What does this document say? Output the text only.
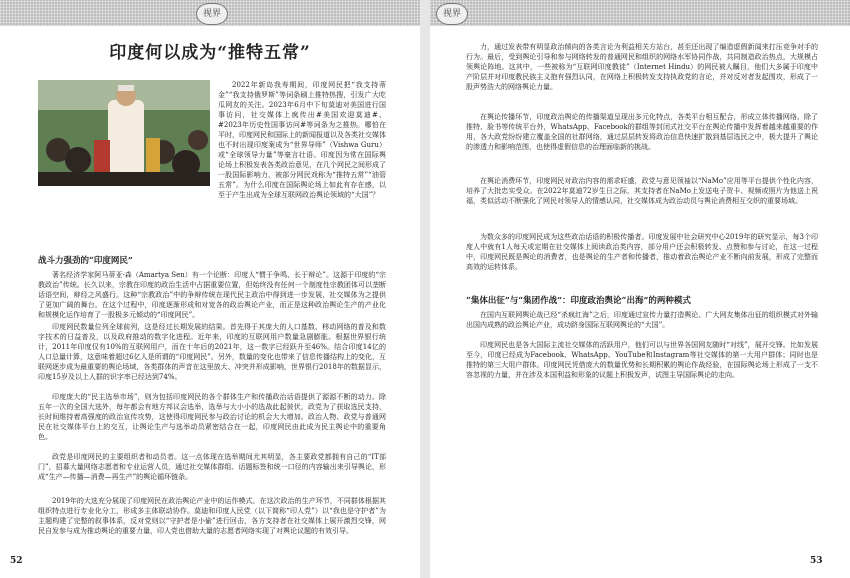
视界	视界
印度何以成为“推特五常”

2022年新岛我寿期间，印度网民把“我支持蒂金”“我支持俄罗斯”等词条刷上推特热搜，引发广大吃瓜网友的关注。2023年6月中下旬莫迪对美国进行国事访问，社交媒体上疯传出#美国欢迎莫迪#、#2023年历史性国事访问#等词条为之推热。哪怕在平时，印度网民和国际上的新闻报道以及各类社交媒体也不时出现印度案成为“世界导师”（Vishwa Guru）或“全球领导力量”等豪言壮语。印度因为常在国际舆论场上积极发表各类政治意见，在几个网民之间形成了一股国际影响力，被部分网民戏称为“推特五常”“油管五常”。为什么印度在国际舆论场上如此有存在感，以至于产生出成为全球互联网政治舆论领域的“大国”？

战斗力强劲的“印度网民”

著名经济学家阿马蒂亚·森（Amartya Sen）有一个论断：印度人“惯于争鸣、长于辩论”。这源于印度的“宗教政治”传统。长久以来，宗教在印度的政治生活中占据重要位置，但始终没有任何一个制度性宗教团体可以垄断话语空间，辩经之风盛行。这种“宗教政治”中的争辩传统在现代民主政治中得到进一步发展，社交媒体为之提供了更加广阔的舞台。在这个过程中，印度逐渐形成和对宽各的政治舆论产业，而正是这种政治舆论生产的产业化和规模化运作培育了一股极多元倾动的“印度网民”。

印度网民数量位列全球前列，这是经过长期发展的结果。首先得于其庞大的人口基数、移动网络的普及和数字技术的日益普及，以及政府推动的数字化进程。近年来，印度的互联网用户数量急剧膨胀。根据世界银行统计，2011年印度仅有10%的互联网用户，而在十年后的2021年，这一数字已经跃升至46%。结合印度14亿的人口总量计算，这意味着超过6亿人是所谓的“印度网民”。另外，数量的变化也带来了信息传播结构上的变化，互联网逐步成为最重要的舆论场域，各类群体的声音在这里放大、冲突并形成影响，世界银行2018年的数据显示，印度15岁及以上人群的识字率已经达到74%。

印度庞大的“民主选举市场”，则为包括印度网民的各个群体生产和传播政治话语提供了源源不断的动力。除五年一次的全国大选外，每年都会有地方邦议会选举，选举与大小小的选战此起彼伏，政党为了获取选民支持，长时间维持着高强度的政治宣传攻势，这使得印度网民参与政治讨论的机会大大增加。政治人物、政党与普通网民在社交媒体平台上的交互，让舆论生产与选举动员紧密结合在一起，印度网民由此成为民主舆论中的重要角色。

政党是印度网民的主要组织者和动员者。这一点体现在选举期间尤其明显，各主要政党都拥有自己的“IT部门”，招募大量网络志愿者和专业运营人员，通过社交媒体群组、话题标签和统一口径的内容输出来引导舆论，形成“生产—传播—消费—再生产”的舆论循环链条。

2019年的大选充分展现了印度网民在政治舆论产业中的运作模式。在这次政治的生产环节，不同群体根据其组织特点进行专业化分工，形成多主体联动协作。莫迪和印度人民党（以下简称“印人党”）以“我也是守护者”为主题构建了完整的叙事体系，反对党则以“守护者是小偷”进行回击，各方支持者在社交媒体上展开激烈交锋，网民自发参与成为推动舆论的重要力量，印人党也借助大量的志愿者网络实现了对舆论议题的有效引导。

52

力，通过发表带有明显政治倾向的各类言论为利益相关方站台，甚至还出现了编造虚假新闻来打压竞争对手的行为。最后，受到舆论引导和参与网络转发的普通网民和组织的网络水军协同作战，共同制造政治热点，大规模占领舆论阵地。这其中，一些被称为“互联网印度教徒”（Internet Hindu）的网民被人瞩目，他们大多属于印度中产阶层并对印度教民族主义抱有强烈认同，在网络上积极转发支持执政党的言论，并对反对者发起围攻，形成了一股声势浩大的网络舆论力量。

在舆论传播环节，印度政治舆论的传播渠道呈现出多元化特点，各类平台相互配合，形成立体传播网络。除了推特、脸书等传统平台外，WhatsApp、Facebook的群组等封闭式社交平台在舆论传播中发挥着越来越重要的作用，各大政党纷纷建立覆盖全国的社群网络，通过层层转发将政治信息快速扩散到基层选民之中，极大提升了舆论的渗透力和影响范围，也使得虚假信息的治理面临新的挑战。

在舆论消费环节，印度网民对政治内容的需求旺盛，政党与意见领袖以“NaMo”应用等平台提供个性化内容，培养了大批忠实受众。在2022年莫迪72岁生日之际，其支持者在NaMo上发送电子贺卡、视频或照片为他送上祝福，类似活动不断强化了网民对领导人的情感认同，社交媒体成为政治动员与舆论消费相互交织的重要场域。

为数众多的印度网民成为这些政治话语的积极传播者。印度发展中社会研究中心2019年的研究显示，每3个印度人中就有1人每天或定期在社交媒体上阅读政治类内容，部分用户还会积极转发、点赞和参与讨论，在这一过程中，印度网民既是舆论的消费者，也是舆论的生产者和传播者，推动着政治舆论产业不断向前发展，形成了完整而高效的运转体系。

“集体出征”与“集团作战”：印度政治舆论“出海”的两种模式

在国内互联网舆论战已经“杀疯红海”之后，印度通过宣传力量打造舆论、广大网友集体出征的组织模式对外输出国内成熟的政治舆论产业，成功跻身国际互联网舆论的“大国”。

印度网民也是各大国际主流社交媒体的活跃用户，他们可以与世界各国网友随时“对线”，展开交锋。比如发展至今，印度已经成为Facebook、WhatsApp、YouTube和Instagram等社交媒体的第一大用户群体；同时也是推特的第三大用户群体。印度网民凭借庞大的数量优势和长期积累的舆论作战经验，在国际舆论场上形成了一支不容忽视的力量，并在涉及本国利益和形象的议题上积极发声，试图主导国际舆论的走向。

53
